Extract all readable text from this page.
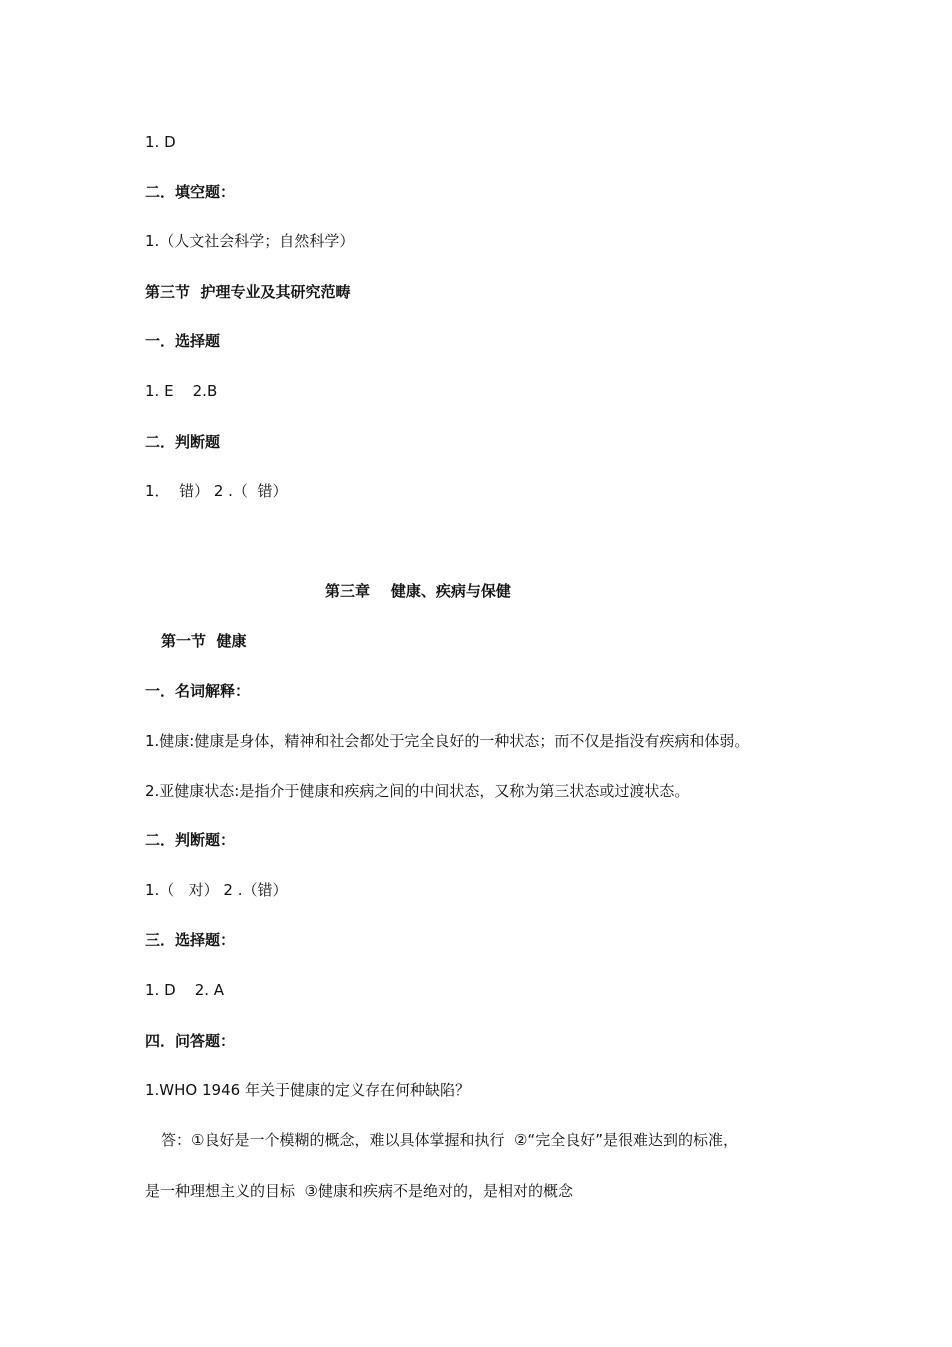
1. D
二．填空题：
1.（人文社会科学；自然科学）
第三节  护理专业及其研究范畴
一．选择题
1. E    2.B
二．判断题
1．  错） 2 .（  错）
第三章    健康、疾病与保健
第一节  健康
一．名词解释：
1.健康:健康是身体，精神和社会都处于完全良好的一种状态；而不仅是指没有疾病和体弱。
2.亚健康状态:是指介于健康和疾病之间的中间状态，又称为第三状态或过渡状态。
二．判断题：
1.（   对） 2 .（错）
三．选择题：
1. D    2. A
四．问答题：
1.WHO 1946 年关于健康的定义存在何种缺陷？
答：①良好是一个模糊的概念，难以具体掌握和执行  ②“完全良好”是很难达到的标准，
是一种理想主义的目标  ③健康和疾病不是绝对的，是相对的概念
